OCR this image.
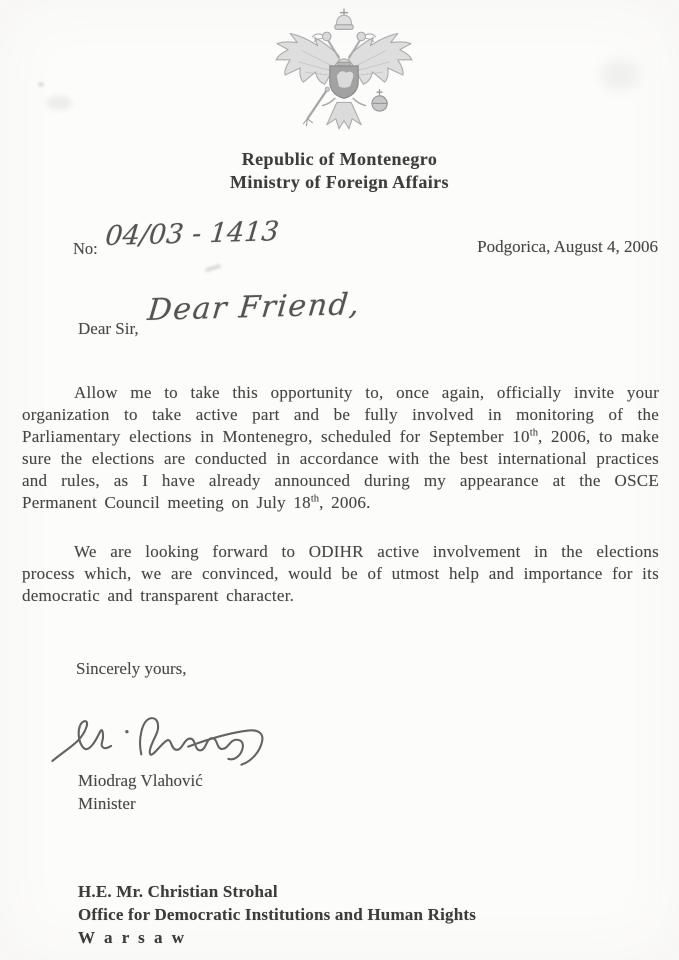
Republic of Montenegro
Ministry of Foreign Affairs
No: 04/03 - 1413	Podgorica, August 4, 2006
Dear Sir,
Dear Friend,

Allow me to take this opportunity to, once again, officially invite your organization to take active part and be fully involved in monitoring of the Parliamentary elections in Montenegro, scheduled for September 10th, 2006, to make sure the elections are conducted in accordance with the best international practices and rules, as I have already announced during my appearance at the OSCE Permanent Council meeting on July 18th, 2006.

We are looking forward to ODIHR active involvement in the elections process which, we are convinced, would be of utmost help and importance for its democratic and transparent character.

Sincerely yours,
Miodrag Vlahović
Minister
H.E. Mr. Christian Strohal
Office for Democratic Institutions and Human Rights
W a r s a w
